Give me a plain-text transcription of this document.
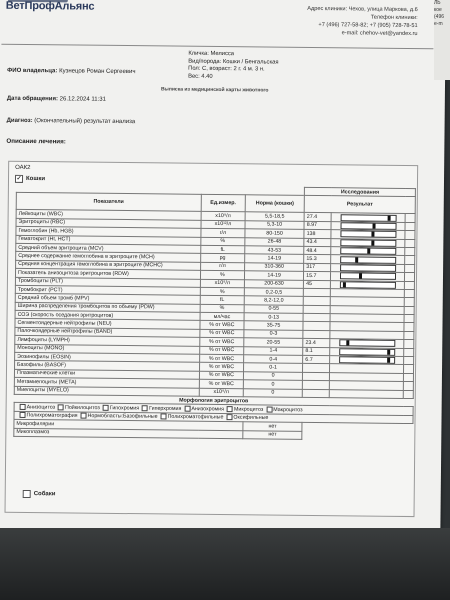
ВетПрофАльянс	Адрес клиники: Чехов, улица Маркова, д.6
Телефон клиники:
+7 (496) 727-58-82; +7 (905) 728-78-51
e-mail: chehov-vet@yandex.ru
Кличка: Мелисса
Вид/порода: Кошки / Бенгальская
Пол: С, возраст: 2 г. 4 м. 3 н.
Вес: 4.40
ФИО владельца: Кузнецов Роман Сергеевич
Дата обращения: 26.12.2024 11:31
Выписка из медицинской карты животного
Диагноз: (Окончательный) результат анализа
Описание лечения:
ОАК2
✓ Кошки
			Исследования		
Показатели	Ед.измер.	Норма (кошки)	Результат		
Лейкоциты (WBC)	x10⁹/л	5,5-18,5	27.4	

Эритроциты (RBC)	x10¹²/л	5,3-10	8.97	

Гемоглобин (Hb, HGB)	г/л	80-150	138	

Гематокрит (Ht, HCT)	%	26-48	43.4	

Средний объем эритроцита (MCV)	fL	43-53	48.4	

Среднее содержание гемоглобина в эритроците (MCH)	pg	14-19	15.3	

Средняя концентрация гемоглобина в эритроците (MCHC)	г/л	310-360	317	

Показатель анизоцитоза эритроцитов (RDW)	%	14-19	15.7	

Тромбоциты (PLT)	x10⁹/л	200-630	45	

Тромбокрит (PCT)	%	0,2-0,5			
Средний объем тромб (MPV)	fL	8,2-12,0			
Ширина распределения тромбоцитов по объему (PDW)	%	0-55			
СОЭ (скорость оседания эритроцитов)	мл/час	0-13			
Сегментоядерные нейтрофилы (NEU)	% от WBC	35-75			
Палочкоядерные нейтрофилы (BAND)	% от WBC	0-3			
Лимфоциты (LYMPH)	% от WBC	20-55	23.4	

Моноциты (MONO)	% от WBC	1-4	8.1	

Эозинофилы (EOSIN)	% от WBC	0-4	6.7	

Базофилы (BASOF)	% от WBC	0-1			
Плазматические клетки	% от WBC	0			
Метамиелоциты (META)	% от WBC	0			
Миелоциты (MYELO)	x10⁹/л	0			
Морфология эритроцитов					
Анизоцитоз Пойкилоцитоз Гипохромия Гиперхромия Анизохромия Микроцитоз Макроцитоз					
Полихроматография Нормобласты:Базофильные Полихроматофильные Оксифильные					
Микрофилярии		нет			
Микоплазмоз		нет			
Собаки
ЛЬ
кое
(496
e-m
